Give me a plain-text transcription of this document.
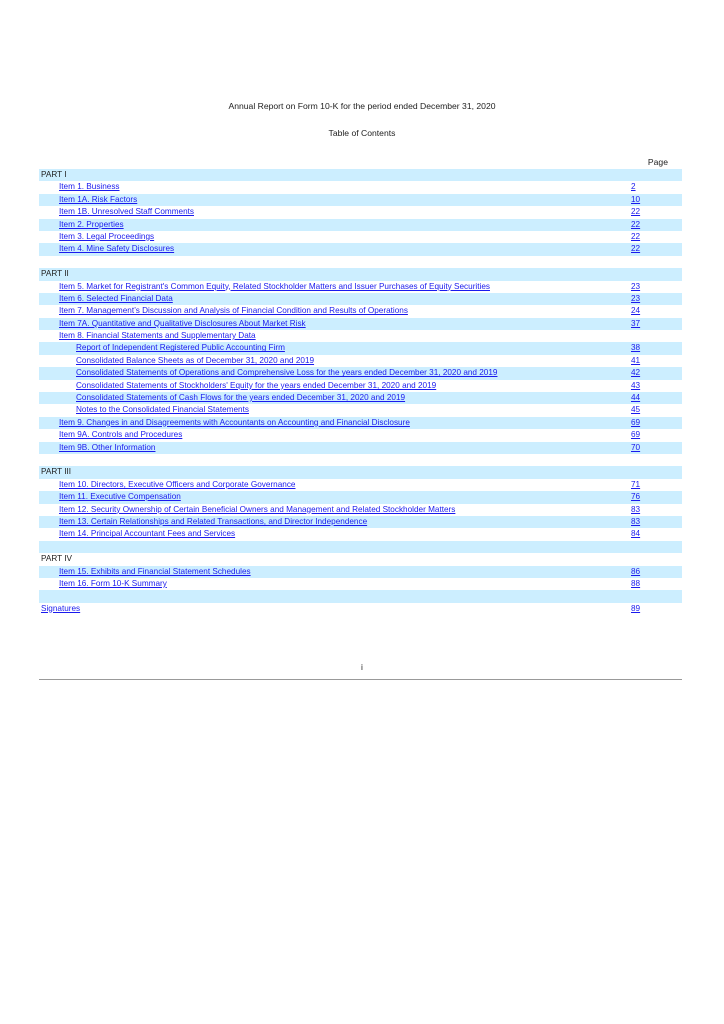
Annual Report on Form 10-K for the period ended December 31, 2020
Table of Contents
Page
PART I
Item 1. Business	2
Item 1A. Risk Factors	10
Item 1B. Unresolved Staff Comments	22
Item 2. Properties	22
Item 3. Legal Proceedings	22
Item 4. Mine Safety Disclosures	22
PART II
Item 5. Market for Registrant's Common Equity, Related Stockholder Matters and Issuer Purchases of Equity Securities	23
Item 6. Selected Financial Data	23
Item 7. Management’s Discussion and Analysis of Financial Condition and Results of Operations	24
Item 7A. Quantitative and Qualitative Disclosures About Market Risk	37
Item 8. Financial Statements and Supplementary Data
Report of Independent Registered Public Accounting Firm	38
Consolidated Balance Sheets as of December 31, 2020 and 2019	41
Consolidated Statements of Operations and Comprehensive Loss for the years ended December 31, 2020 and 2019	42
Consolidated Statements of Stockholders' Equity for the years ended December 31, 2020 and 2019	43
Consolidated Statements of Cash Flows for the years ended December 31, 2020 and 2019	44
Notes to the Consolidated Financial Statements	45
Item 9. Changes in and Disagreements with Accountants on Accounting and Financial Disclosure	69
Item 9A. Controls and Procedures	69
Item 9B. Other Information	70
PART III
Item 10. Directors, Executive Officers and Corporate Governance	71
Item 11. Executive Compensation	76
Item 12. Security Ownership of Certain Beneficial Owners and Management and Related Stockholder Matters	83
Item 13. Certain Relationships and Related Transactions, and Director Independence	83
Item 14. Principal Accountant Fees and Services	84
PART IV
Item 15. Exhibits and Financial Statement Schedules	86
Item 16. Form 10-K Summary	88
Signatures	89
i
